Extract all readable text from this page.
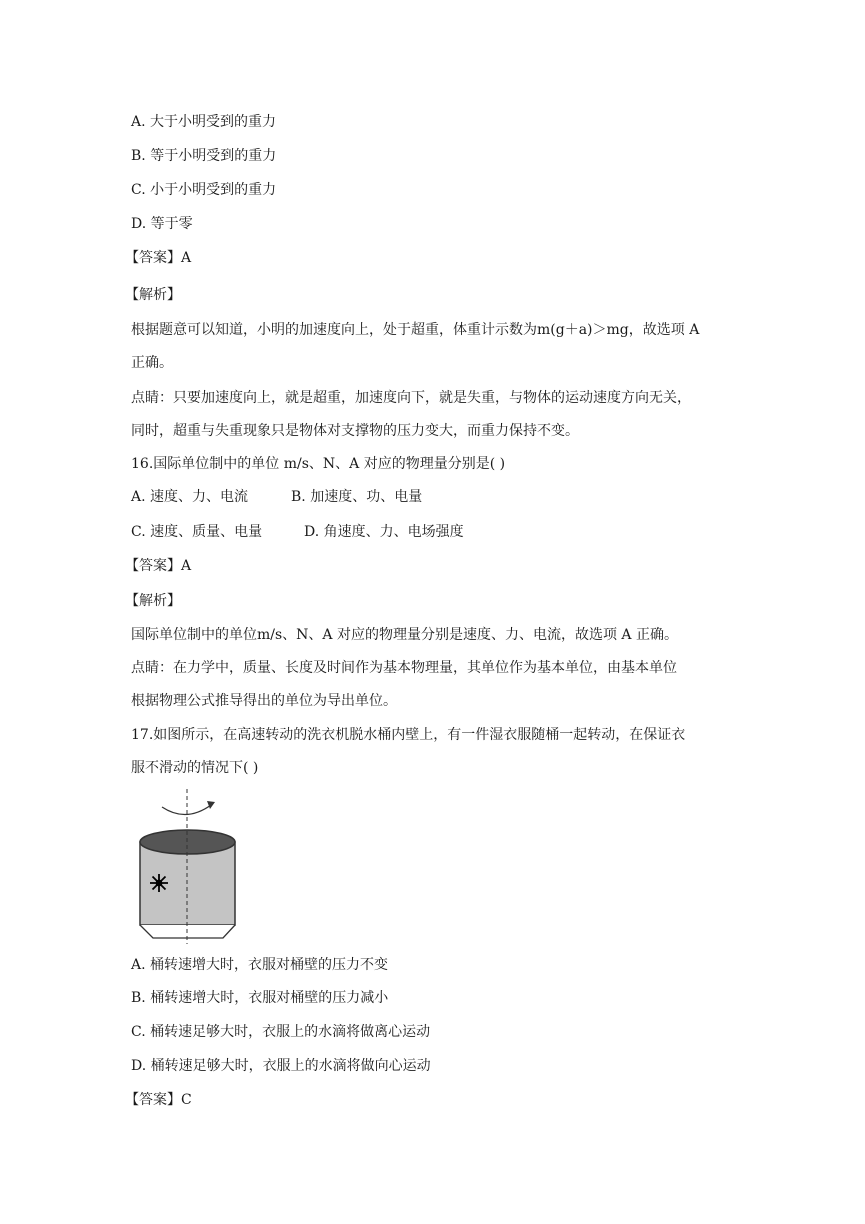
A. 大于小明受到的重力
B. 等于小明受到的重力
C. 小于小明受到的重力
D. 等于零
【答案】A
【解析】
根据题意可以知道，小明的加速度向上，处于超重，体重计示数为m(g＋a)＞mg，故选项 A
正确。
点睛：只要加速度向上，就是超重，加速度向下，就是失重，与物体的运动速度方向无关，
同时，超重与失重现象只是物体对支撑物的压力变大，而重力保持不变。
16.国际单位制中的单位 m/s、N、A 对应的物理量分别是( )
A. 速度、力、电流	B. 加速度、功、电量
C. 速度、质量、电量	D. 角速度、力、电场强度
【答案】A
【解析】
国际单位制中的单位m/s、N、A 对应的物理量分别是速度、力、电流，故选项 A 正确。
点睛：在力学中，质量、长度及时间作为基本物理量，其单位作为基本单位，由基本单位
根据物理公式推导得出的单位为导出单位。
17.如图所示，在高速转动的洗衣机脱水桶内壁上，有一件湿衣服随桶一起转动，在保证衣
服不滑动的情况下( )
A. 桶转速增大时，衣服对桶壁的压力不变
B. 桶转速增大时，衣服对桶壁的压力减小
C. 桶转速足够大时，衣服上的水滴将做离心运动
D. 桶转速足够大时，衣服上的水滴将做向心运动
【答案】C
